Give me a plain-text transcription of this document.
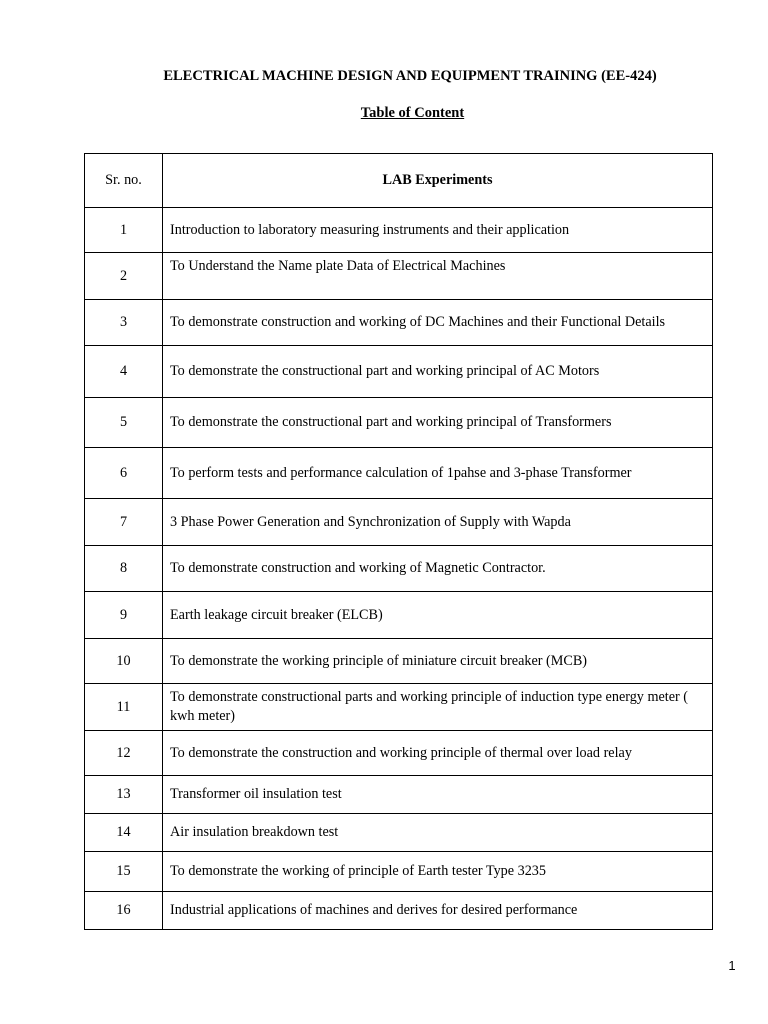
ELECTRICAL MACHINE DESIGN AND EQUIPMENT TRAINING (EE-424)
Table of Content
Sr. no.	LAB Experiments
1	Introduction to laboratory measuring instruments and their application
2	To Understand the Name plate Data of Electrical Machines
3	To demonstrate construction and working of DC Machines and their Functional Details
4	To demonstrate the constructional part and working principal of AC Motors
5	To demonstrate the constructional part and working principal of Transformers
6	To perform tests and performance calculation of 1pahse and 3-phase Transformer
7	3 Phase Power Generation and Synchronization of Supply with Wapda
8	To demonstrate construction and working of Magnetic Contractor.
9	Earth leakage circuit breaker (ELCB)
10	To demonstrate the working principle of miniature circuit breaker (MCB)
11	To demonstrate constructional parts and working principle of induction type energy meter ( kwh meter)
12	To demonstrate the construction and working principle of thermal over load relay
13	Transformer oil insulation test
14	Air insulation breakdown test
15	To demonstrate the working of principle of Earth tester Type 3235
16	Industrial applications of machines and derives for desired performance
1
